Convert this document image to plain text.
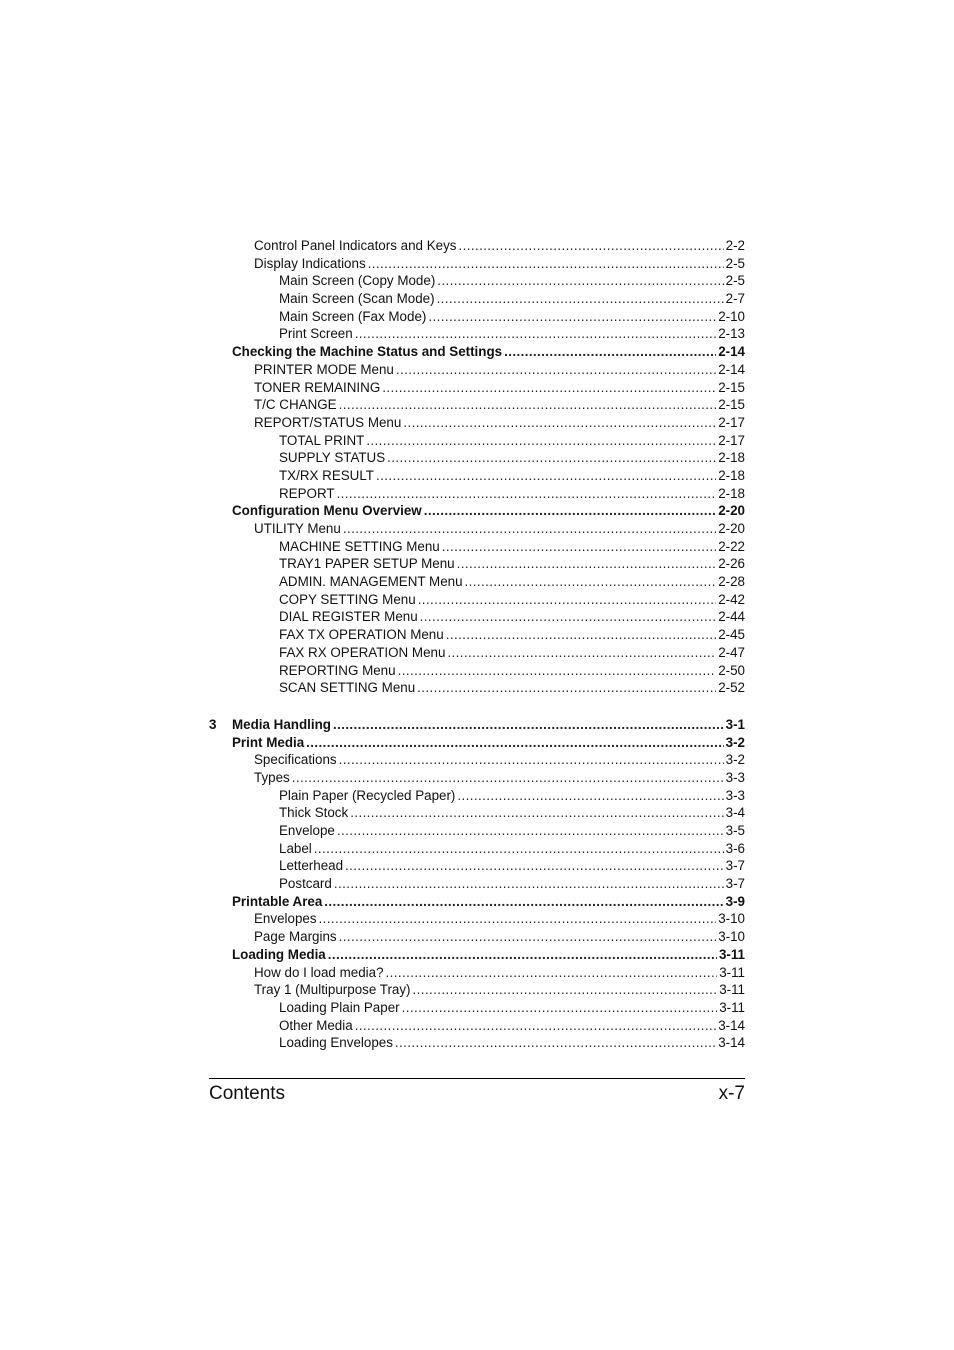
Control Panel Indicators and Keys .....	2-2
Display Indications .....	2-5
Main Screen (Copy Mode) .....	2-5
Main Screen (Scan Mode) .....	2-7
Main Screen (Fax Mode) .....	2-10
Print Screen .....	2-13
Checking the Machine Status and Settings .....	2-14
PRINTER MODE Menu .....	2-14
TONER REMAINING .....	2-15
T/C CHANGE .....	2-15
REPORT/STATUS Menu .....	2-17
TOTAL PRINT .....	2-17
SUPPLY STATUS .....	2-18
TX/RX RESULT .....	2-18
REPORT .....	2-18
Configuration Menu Overview .....	2-20
UTILITY Menu .....	2-20
MACHINE SETTING Menu .....	2-22
TRAY1 PAPER SETUP Menu .....	2-26
ADMIN. MANAGEMENT Menu .....	2-28
COPY SETTING Menu .....	2-42
DIAL REGISTER Menu .....	2-44
FAX TX OPERATION Menu .....	2-45
FAX RX OPERATION Menu .....	2-47
REPORTING Menu .....	2-50
SCAN SETTING Menu .....	2-52
3 Media Handling .....	3-1
Print Media .....	3-2
Specifications .....	3-2
Types .....	3-3
Plain Paper (Recycled Paper) .....	3-3
Thick Stock .....	3-4
Envelope .....	3-5
Label .....	3-6
Letterhead .....	3-7
Postcard .....	3-7
Printable Area .....	3-9
Envelopes .....	3-10
Page Margins .....	3-10
Loading Media .....	3-11
How do I load media? .....	3-11
Tray 1 (Multipurpose Tray) .....	3-11
Loading Plain Paper .....	3-11
Other Media .....	3-14
Loading Envelopes .....	3-14
Contents	x-7
